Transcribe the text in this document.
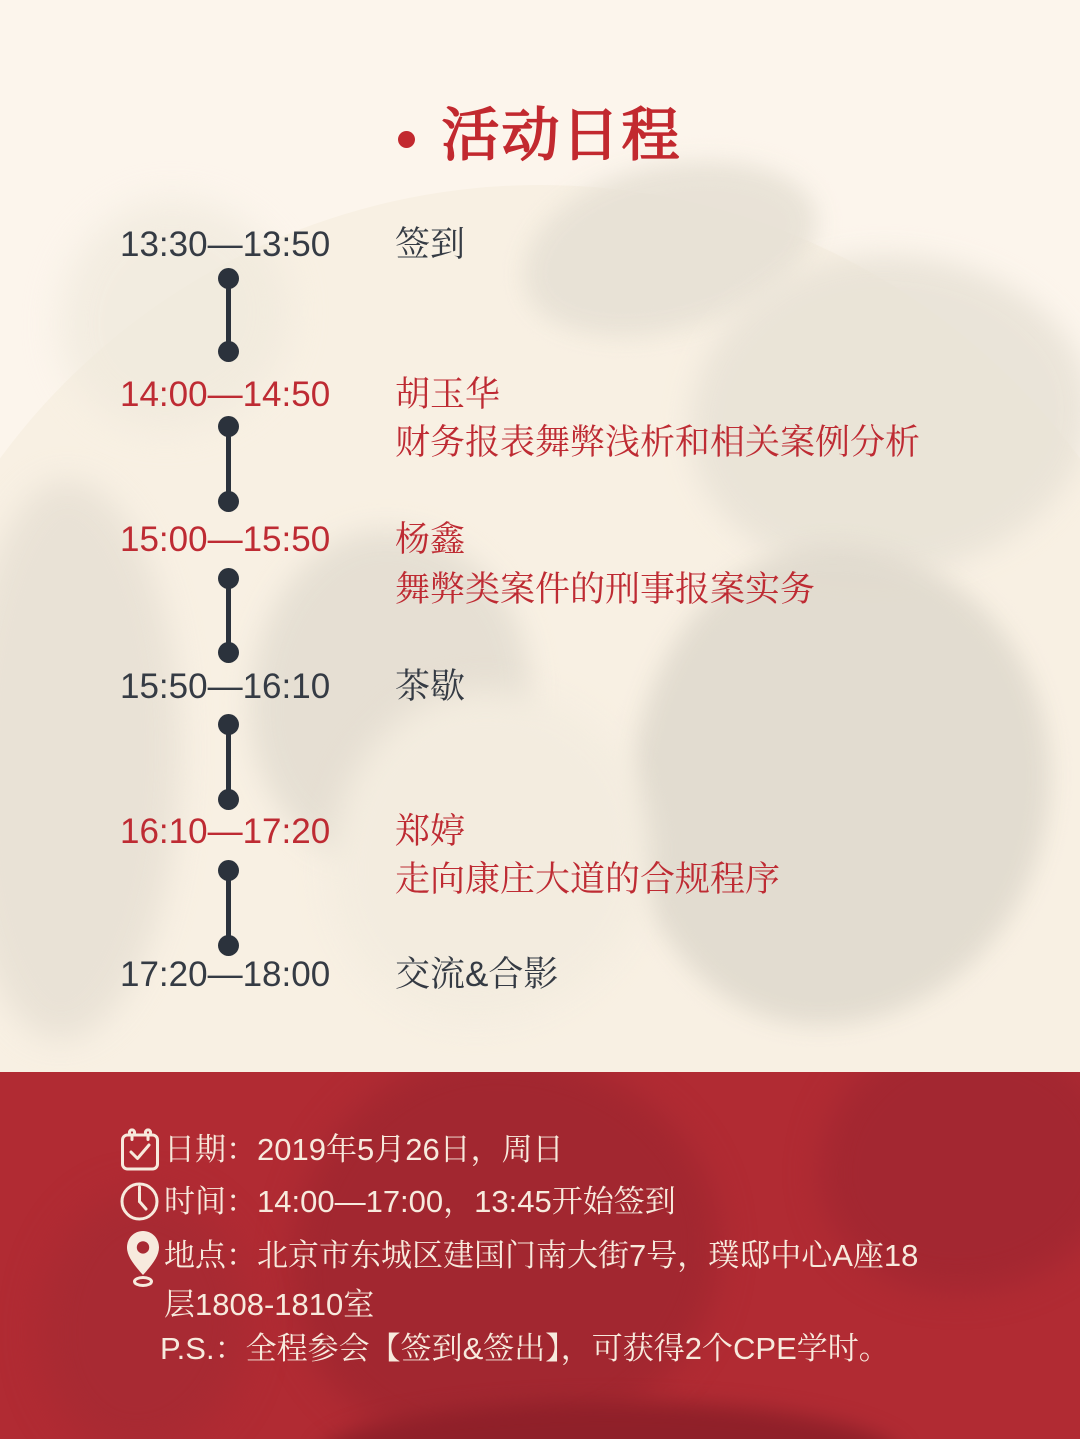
活动日程
13:30—13:50	签到
14:00—14:50	胡玉华
财务报表舞弊浅析和相关案例分析
15:00—15:50	杨鑫
舞弊类案件的刑事报案实务
15:50—16:10	茶歇
16:10—17:20	郑婷
走向康庄大道的合规程序
17:20—18:00	交流&合影
日期：2019年5月26日，周日
时间：14:00—17:00，13:45开始签到
地点：北京市东城区建国门南大街7号，璞邸中心A座18层1808-1810室
P.S.：全程参会【签到&签出】，可获得2个CPE学时。
